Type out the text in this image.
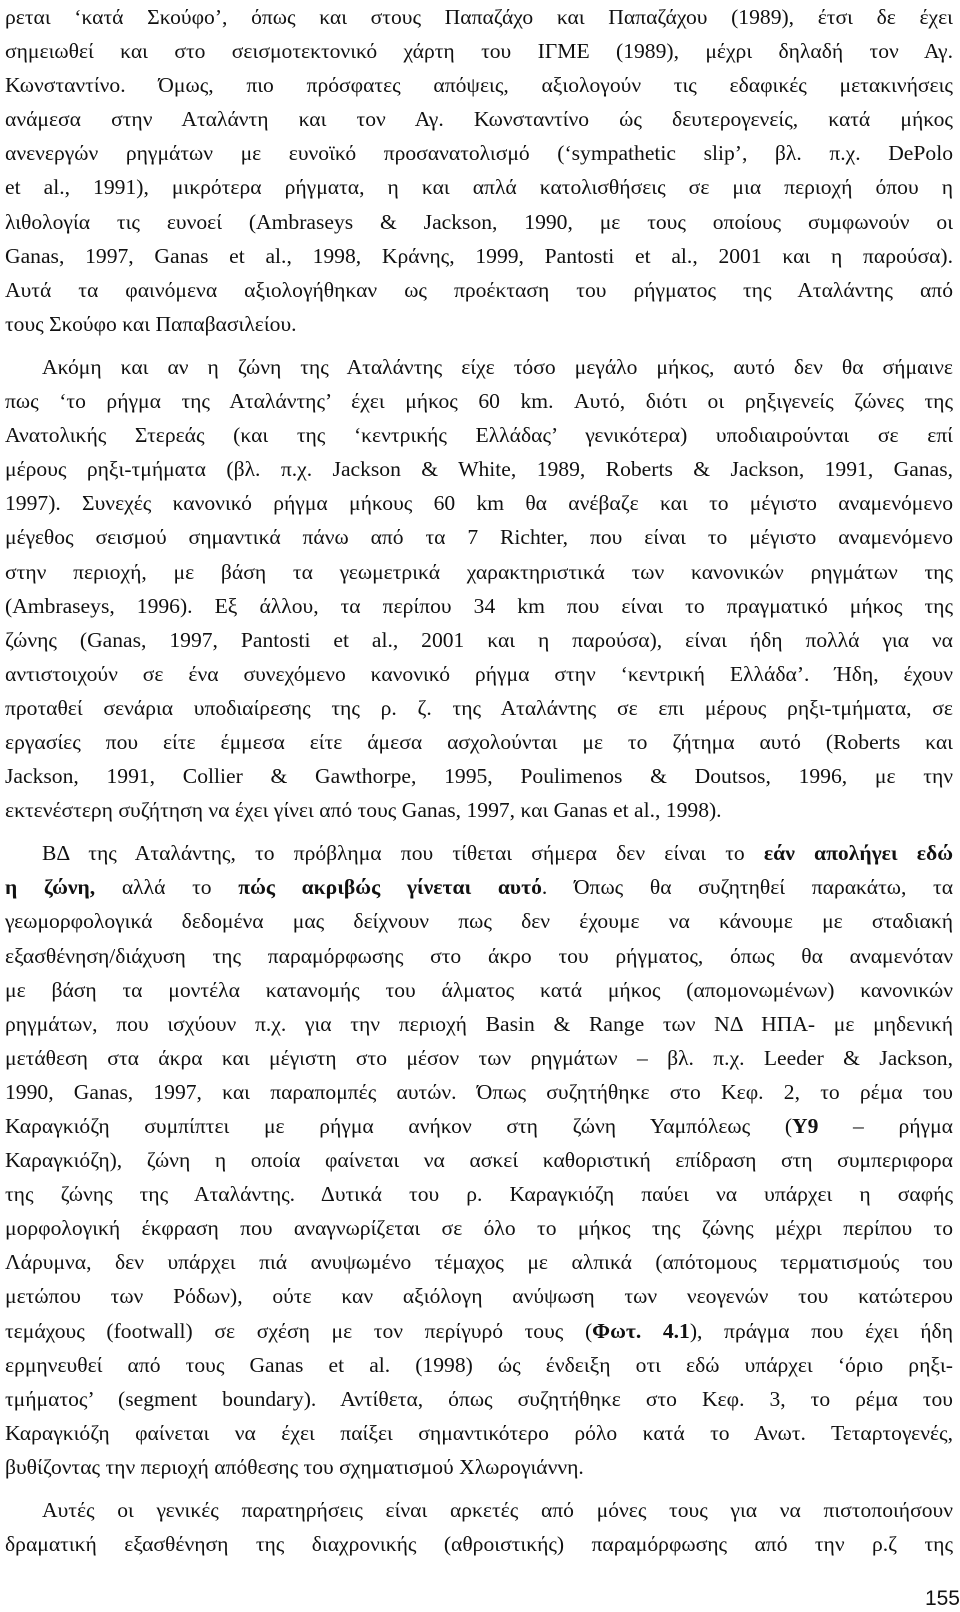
ρεται ‘κατά Σκούφο’, όπως και στους Παπαζάχο και Παπαζάχου (1989), έτσι δε έχει
σημειωθεί και στο σεισμοτεκτονικό χάρτη του ΙΓΜΕ (1989), μέχρι δηλαδή τον Αγ.
Κωνσταντίνο. Όμως, πιο πρόσφατες απόψεις, αξιολογούν τις εδαφικές μετακινήσεις
ανάμεσα στην Αταλάντη και τον Αγ. Κωνσταντίνο ώς δευτερογενείς, κατά μήκος
ανενεργών ρηγμάτων με ευνοϊκό προσανατολισμό (‘sympathetic slip’, βλ. π.χ. DePolo
et al., 1991), μικρότερα ρήγματα, η και απλά κατολισθήσεις σε μια περιοχή όπου η
λιθολογία τις ευνοεί (Ambraseys & Jackson, 1990, με τους οποίους συμφωνούν οι
Ganas, 1997, Ganas et al., 1998, Κράνης, 1999, Pantosti et al., 2001 και η παρούσα).
Αυτά τα φαινόμενα αξιολογήθηκαν ως προέκταση του ρήγματος της Αταλάντης από
τους Σκούφο και Παπαβασιλείου.
Ακόμη και αν η ζώνη της Αταλάντης είχε τόσο μεγάλο μήκος, αυτό δεν θα σήμαινε
πως ‘το ρήγμα της Αταλάντης’ έχει μήκος 60 km. Αυτό, διότι οι ρηξιγενείς ζώνες της
Ανατολικής Στερεάς (και της ‘κεντρικής Ελλάδας’ γενικότερα) υποδιαιρούνται σε επί
μέρους ρηξι-τμήματα (βλ. π.χ. Jackson & White, 1989, Roberts & Jackson, 1991, Ganas,
1997). Συνεχές κανονικό ρήγμα μήκους 60 km θα ανέβαζε και το μέγιστο αναμενόμενο
μέγεθος σεισμού σημαντικά πάνω από τα 7 Richter, που είναι το μέγιστο αναμενόμενο
στην περιοχή, με βάση τα γεωμετρικά χαρακτηριστικά των κανονικών ρηγμάτων της
(Ambraseys, 1996). Εξ άλλου, τα περίπου 34 km που είναι το πραγματικό μήκος της
ζώνης (Ganas, 1997, Pantosti et al., 2001 και η παρούσα), είναι ήδη πολλά για να
αντιστοιχούν σε ένα συνεχόμενο κανονικό ρήγμα στην ‘κεντρική Ελλάδα’. Ήδη, έχουν
προταθεί σενάρια υποδιαίρεσης της ρ. ζ. της Αταλάντης σε επι μέρους ρηξι-τμήματα, σε
εργασίες που είτε έμμεσα είτε άμεσα ασχολούνται με το ζήτημα αυτό (Roberts και
Jackson, 1991, Collier & Gawthorpe, 1995, Poulimenos & Doutsos, 1996, με την
εκτενέστερη συζήτηση να έχει γίνει από τους Ganas, 1997, και Ganas et al., 1998).
ΒΔ της Αταλάντης, το πρόβλημα που τίθεται σήμερα δεν είναι το εάν απολήγει εδώ
η ζώνη, αλλά το πώς ακριβώς γίνεται αυτό. Όπως θα συζητηθεί παρακάτω, τα
γεωμορφολογικά δεδομένα μας δείχνουν πως δεν έχουμε να κάνουμε με σταδιακή
εξασθένηση/διάχυση της παραμόρφωσης στο άκρο του ρήγματος, όπως θα αναμενόταν
με βάση τα μοντέλα κατανομής του άλματος κατά μήκος (απομονωμένων) κανονικών
ρηγμάτων, που ισχύουν π.χ. για την περιοχή Basin & Range των ΝΔ ΗΠΑ- με μηδενική
μετάθεση στα άκρα και μέγιστη στο μέσον των ρηγμάτων – βλ. π.χ. Leeder & Jackson,
1990, Ganas, 1997, και παραπομπές αυτών. Όπως συζητήθηκε στο Κεφ. 2, το ρέμα του
Καραγκιόζη συμπίπτει με ρήγμα ανήκον στη ζώνη Υαμπόλεως (Υ9 – ρήγμα
Καραγκιόζη), ζώνη η οποία φαίνεται να ασκεί καθοριστική επίδραση στη συμπεριφορα
της ζώνης της Αταλάντης. Δυτικά του ρ. Καραγκιόζη παύει να υπάρχει η σαφής
μορφολογική έκφραση που αναγνωρίζεται σε όλο το μήκος της ζώνης μέχρι περίπου το
Λάρυμνα, δεν υπάρχει πιά ανυψωμένο τέμαχος με αλπικά (απότομους τερματισμούς του
μετώπου των Ρόδων), ούτε καν αξιόλογη ανύψωση των νεογενών του κατώτερου
τεμάχους (footwall) σε σχέση με τον περίγυρό τους (Φωτ. 4.1), πράγμα που έχει ήδη
ερμηνευθεί από τους Ganas et al. (1998) ώς ένδειξη οτι εδώ υπάρχει ‘όριο ρηξι-
τμήματος’ (segment boundary). Αντίθετα, όπως συζητήθηκε στο Κεφ. 3, το ρέμα του
Καραγκιόζη φαίνεται να έχει παίξει σημαντικότερο ρόλο κατά το Ανωτ. Τεταρτογενές,
βυθίζοντας την περιοχή απόθεσης του σχηματισμού Χλωρογιάννη.
Αυτές οι γενικές παρατηρήσεις είναι αρκετές από μόνες τους για να πιστοποιήσουν
δραματική εξασθένηση της διαχρονικής (αθροιστικής) παραμόρφωσης από την ρ.ζ της
155
